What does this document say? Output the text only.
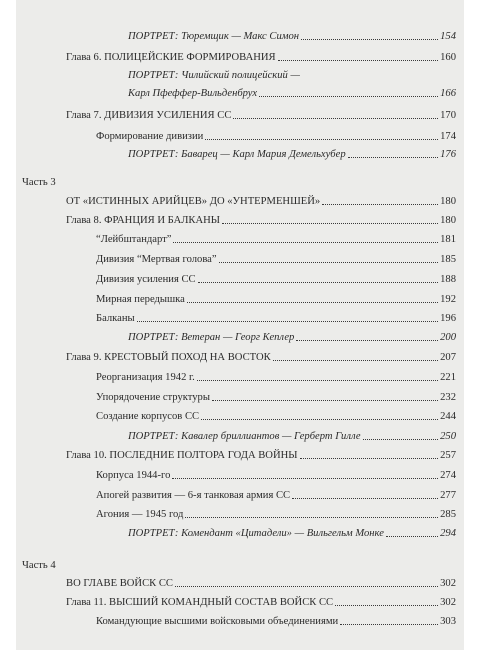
ПОРТРЕТ: Тюремщик — Макс Симон	154
Глава 6. ПОЛИЦЕЙСКИЕ ФОРМИРОВАНИЯ	160
ПОРТРЕТ: Чилийский полицейский —
Карл Пфеффер-Вильденбрух	166
Глава 7. ДИВИЗИЯ УСИЛЕНИЯ СС	170
Формирование дивизии	174
ПОРТРЕТ: Баварец — Карл Мария Демельхубер	176
Часть 3
ОТ «ИСТИННЫХ АРИЙЦЕВ» ДО «УНТЕРМЕНШЕЙ»	180
Глава 8. ФРАНЦИЯ И БАЛКАНЫ	180
“Лейбштандарт”	181
Дивизия “Мертвая голова”	185
Дивизия усиления СС	188
Мирная передышка	192
Балканы	196
ПОРТРЕТ: Ветеран — Георг Кеплер	200
Глава 9. КРЕСТОВЫЙ ПОХОД НА ВОСТОК	207
Реорганизация 1942 г.	221
Упорядочение структуры	232
Создание корпусов СС	244
ПОРТРЕТ: Кавалер бриллиантов — Герберт Гилле	250
Глава 10. ПОСЛЕДНИЕ ПОЛТОРА ГОДА ВОЙНЫ	257
Корпуса 1944-го	274
Апогей развития — 6-я танковая армия СС	277
Агония — 1945 год	285
ПОРТРЕТ: Комендант «Цитадели» — Вильгельм Монке	294
Часть 4
ВО ГЛАВЕ ВОЙСК СС	302
Глава 11. ВЫСШИЙ КОМАНДНЫЙ СОСТАВ ВОЙСК СС	302
Командующие высшими войсковыми объединениями	303
